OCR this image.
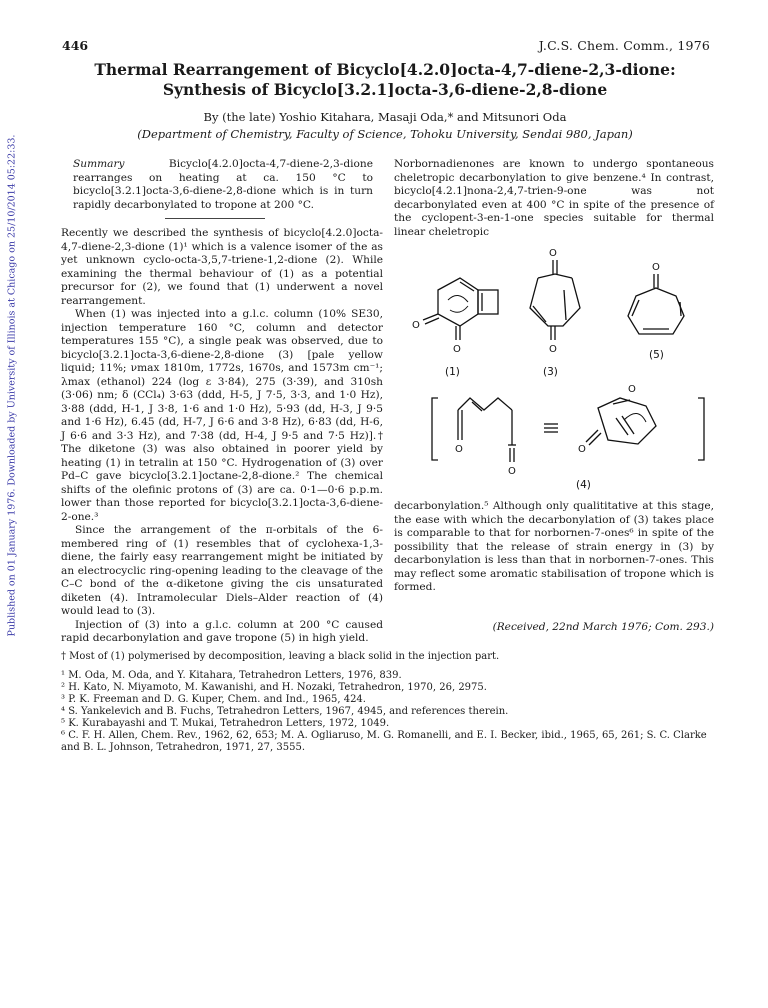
Published on 01 January 1976. Downloaded by University of Illinois at Chicago on 25/10/2014 05:22:33.
446	J.C.S. Chem. Comm., 1976
Thermal Rearrangement of Bicyclo[4.2.0]octa-4,7-diene-2,3-dione:
Synthesis of Bicyclo[3.2.1]octa-3,6-diene-2,8-dione
By (the late) Yoshio Kitahara, Masaji Oda,* and Mitsunori Oda
(Department of Chemistry, Faculty of Science, Tohoku University, Sendai 980, Japan)

Summary	Bicyclo[4.2.0]octa-4,7-diene-2,3-dione rearranges on heating at ca. 150 °C to bicyclo[3.2.1]octa-3,6-diene-2,8-dione which is in turn rapidly decarbonylated to tropone at 200 °C.

Recently we described the synthesis of bicyclo[4.2.0]octa-4,7-diene-2,3-dione (1)¹ which is a valence isomer of the as yet unknown cyclo-octa-3,5,7-triene-1,2-dione (2). While examining the thermal behaviour of (1) as a potential precursor for (2), we found that (1) underwent a novel rearrangement.

When (1) was injected into a g.l.c. column (10% SE30, injection temperature 160 °C, column and detector temperatures 155 °C), a single peak was observed, due to bicyclo[3.2.1]octa-3,6-diene-2,8-dione (3) [pale yellow liquid; 11%; νmax 1810m, 1772s, 1670s, and 1573m cm⁻¹; λmax (ethanol) 224 (log ε 3·84), 275 (3·39), and 310sh (3·06) nm; δ (CCl₄) 3·63 (ddd, H-5, J 7·5, 3·3, and 1·0 Hz), 3·88 (ddd, H-1, J 3·8, 1·6 and 1·0 Hz), 5·93 (dd, H-3, J 9·5 and 1·6 Hz), 6.45 (dd, H-7, J 6·6 and 3·8 Hz), 6·83 (dd, H-6, J 6·6 and 3·3 Hz), and 7·38 (dd, H-4, J 9·5 and 7·5 Hz)].† The diketone (3) was also obtained in poorer yield by heating (1) in tetralin at 150 °C. Hydrogenation of (3) over Pd–C gave bicyclo[3.2.1]octane-2,8-dione.² The chemical shifts of the olefinic protons of (3) are ca. 0·1—0·6 p.p.m. lower than those reported for bicyclo[3.2.1]octa-3,6-diene-2-one.³

Since the arrangement of the π-orbitals of the 6-membered ring of (1) resembles that of cyclohexa-1,3-diene, the fairly easy rearrangement might be initiated by an electrocyclic ring-opening leading to the cleavage of the C–C bond of the α-diketone giving the cis unsaturated diketen (4). Intramolecular Diels–Alder reaction of (4) would lead to (3).

Injection of (3) into a g.l.c. column at 200 °C caused rapid decarbonylation and gave tropone (5) in high yield.

Norbornadienones are known to undergo spontaneous cheletropic decarbonylation to give benzene.⁴ In contrast, bicyclo[4.2.1]nona-2,4,7-trien-9-one was not decarbonylated even at 400 °C in spite of the presence of the cyclopent-3-en-1-one species suitable for thermal linear cheletropic

O
O
(1)
O
O
(3)
O
(5)
O
O
O
O
(4)

decarbonylation.⁵ Although only qualititative at this stage, the ease with which the decarbonylation of (3) takes place is comparable to that for norbornen-7-ones⁶ in spite of the possibility that the release of strain energy in (3) by decarbonylation is less than that in norbornen-7-ones. This may reflect some aromatic stabilisation of tropone which is formed.

(Received, 22nd March 1976; Com. 293.)
† Most of (1) polymerised by decomposition, leaving a black solid in the injection part.
¹ M. Oda, M. Oda, and Y. Kitahara, Tetrahedron Letters, 1976, 839.
² H. Kato, N. Miyamoto, M. Kawanishi, and H. Nozaki, Tetrahedron, 1970, 26, 2975.
³ P. K. Freeman and D. G. Kuper, Chem. and Ind., 1965, 424.
⁴ S. Yankelevich and B. Fuchs, Tetrahedron Letters, 1967, 4945, and references therein.
⁵ K. Kurabayashi and T. Mukai, Tetrahedron Letters, 1972, 1049.
⁶ C. F. H. Allen, Chem. Rev., 1962, 62, 653; M. A. Ogliaruso, M. G. Romanelli, and E. I. Becker, ibid., 1965, 65, 261; S. C. Clarke and B. L. Johnson, Tetrahedron, 1971, 27, 3555.
